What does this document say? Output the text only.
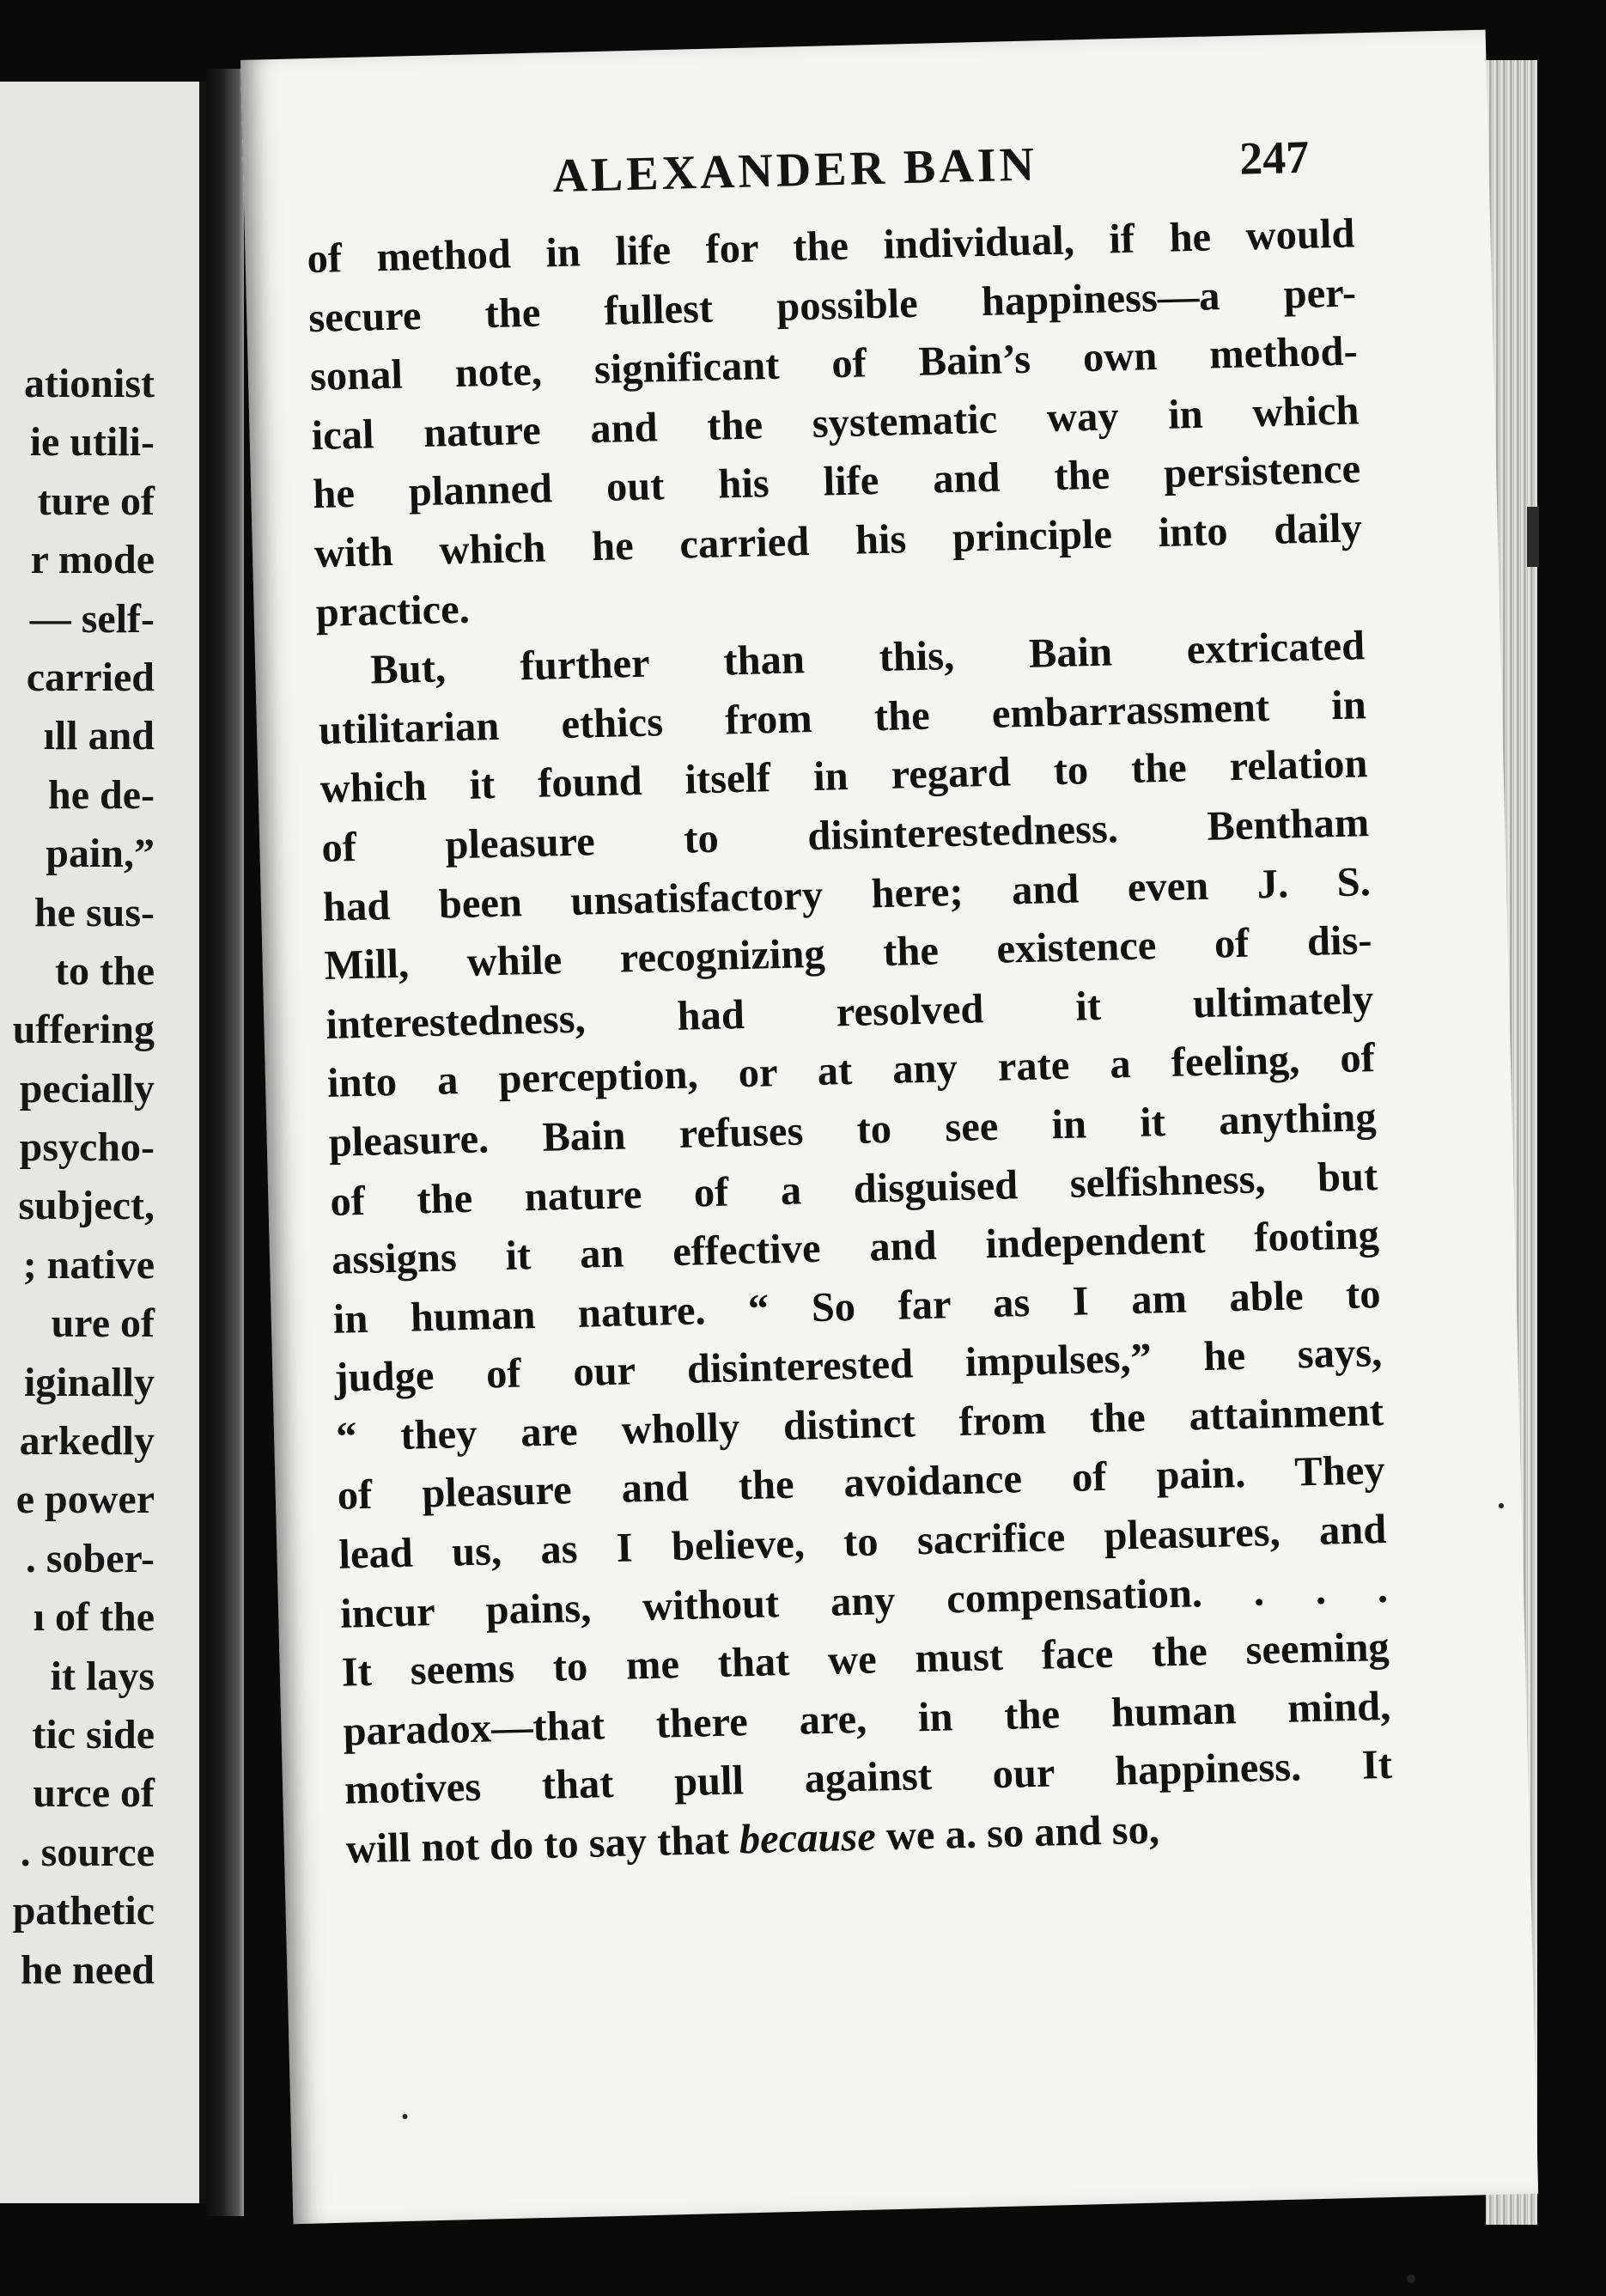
ationist
ie utili-
ture of
r mode
— self-
carried
ıll and
he de-
pain,”
he sus-
to the
uffering
pecially
psycho-
subject,
; native
ure of
iginally
arkedly
e power
. sober-
ı of the
it lays
tic side
urce of
. source
pathetic
he need
ALEXANDER BAIN	247
of method in life for the individual, if he would
secure the fullest possible happiness—a per-
sonal note, significant of Bain’s own method-
ical nature and the systematic way in which
he planned out his life and the persistence
with which he carried his principle into daily
practice.
But, further than this, Bain extricated
utilitarian ethics from the embarrassment in
which it found itself in regard to the relation
of pleasure to disinterestedness. Bentham
had been unsatisfactory here; and even J. S.
Mill, while recognizing the existence of dis-
interestedness, had resolved it ultimately
into a perception, or at any rate a feeling, of
pleasure. Bain refuses to see in it anything
of the nature of a disguised selfishness, but
assigns it an effective and independent footing
in human nature. “ So far as I am able to
judge of our disinterested impulses,” he says,
“ they are wholly distinct from the attainment
of pleasure and the avoidance of pain. They
lead us, as I believe, to sacrifice pleasures, and
incur pains, without any compensation. . . .
It seems to me that we must face the seeming
paradox—that there are, in the human mind,
motives that pull against our happiness. It
will not do to say that because we a. so and so,
